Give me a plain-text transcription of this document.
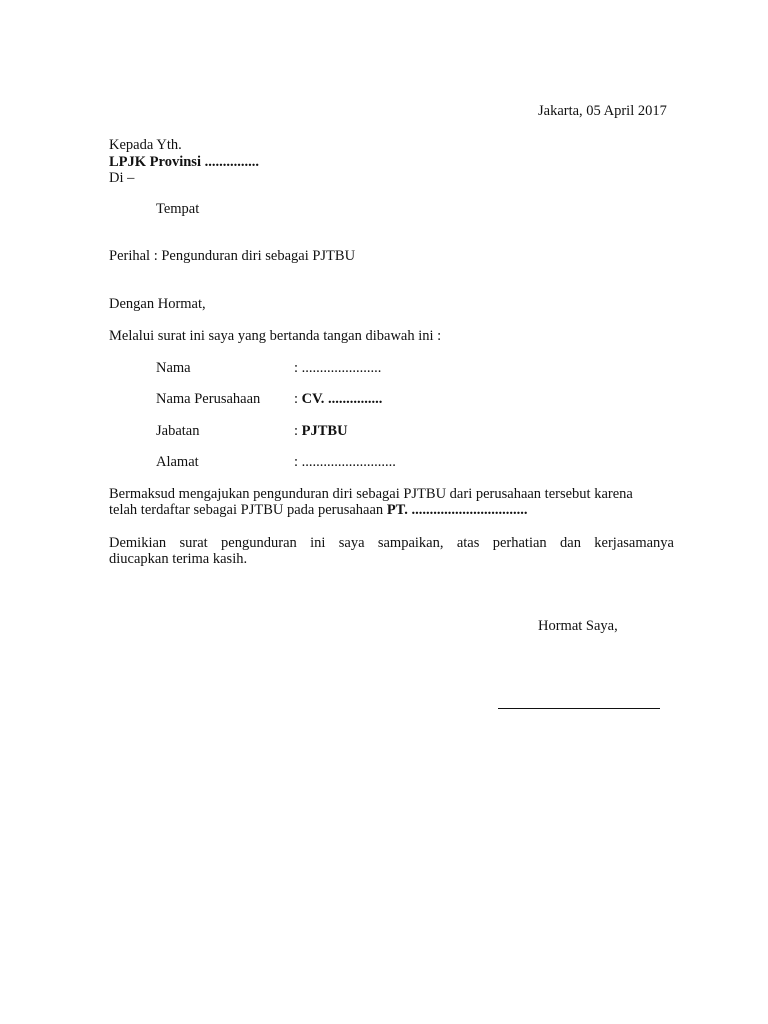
Jakarta, 05 April 2017
Kepada Yth.
LPJK Provinsi ...............
Di –
Tempat
Perihal : Pengunduran diri sebagai PJTBU
Dengan Hormat,
Melalui surat ini saya yang bertanda tangan dibawah ini :
Nama	: ......................
Nama Perusahaan : CV. ...............
Jabatan	: PJTBU
Alamat	: ..........................
Bermaksud mengajukan pengunduran diri sebagai PJTBU dari perusahaan tersebut karena
telah terdaftar sebagai PJTBU pada perusahaan PT. ................................
Demikian surat pengunduran ini saya sampaikan, atas perhatian dan kerjasamanya
diucapkan terima kasih.
Hormat Saya,
